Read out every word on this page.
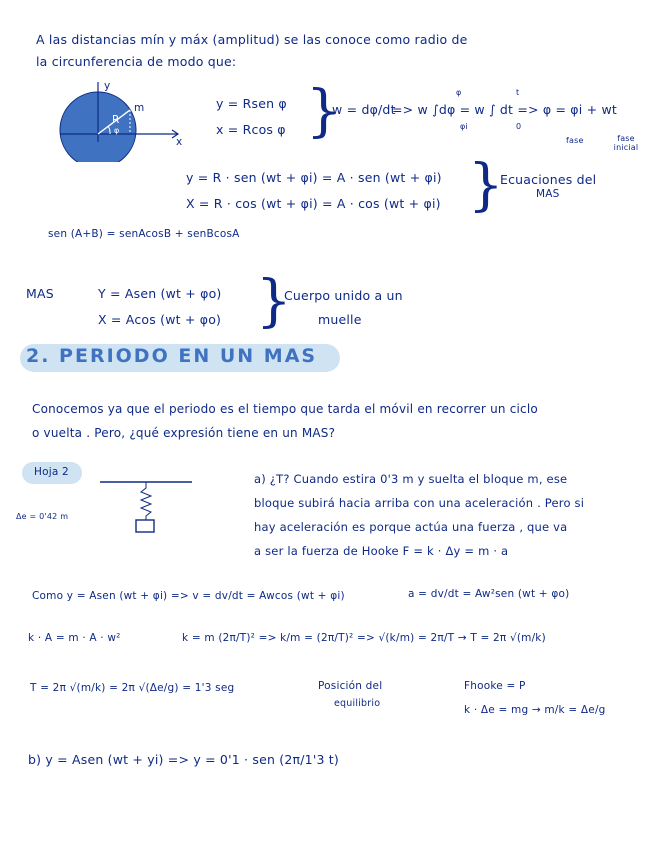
A las distancias mín y máx (amplitud) se las conoce como radio de
la circunferencia de modo que:
y
x
R
m
φ
y = Rsen φ
x = Rcos φ }
w = dφ/dt
=> w ∫dφ = w ∫ dt => φ = φi + wt
φi
φ
0
t
fase	fase inicial
y = R · sen (wt + φi) = A · sen (wt + φi)
X = R · cos (wt + φi) = A · cos (wt + φi) }
Ecuaciones del
MAS
sen (A+B) = senAcosB + senBcosA
MAS	Y = Asen (wt + φo)
X = Acos (wt + φo) }
Cuerpo unido a un
muelle
2. PERIODO EN UN MAS
Conocemos ya que el periodo es el tiempo que tarda el móvil en recorrer un ciclo
o vuelta . Pero, ¿qué expresión tiene en un MAS?
Hoja 2
Δe = 0'42 m
a) ¿T? Cuando estira 0'3 m y suelta el bloque m, ese
bloque subirá hacia arriba con una aceleración . Pero si
hay aceleración es porque actúa una fuerza , que va
a ser la fuerza de Hooke F = k · Δy = m · a
Como y = Asen (wt + φi) => v = dv/dt = Awcos (wt + φi)	a = dv/dt = Aw²sen (wt + φo)
k · A = m · A · w²	k = m (2π/T)² => k/m = (2π/T)² => √(k/m) = 2π/T → T = 2π √(m/k)
T = 2π √(m/k) = 2π √(Δe/g) = 1'3 seg	Posición del
equilibrio
Fhooke = P
k · Δe = mg → m/k = Δe/g
b) y = Asen (wt + yi) => y = 0'1 · sen (2π/1'3 t)
